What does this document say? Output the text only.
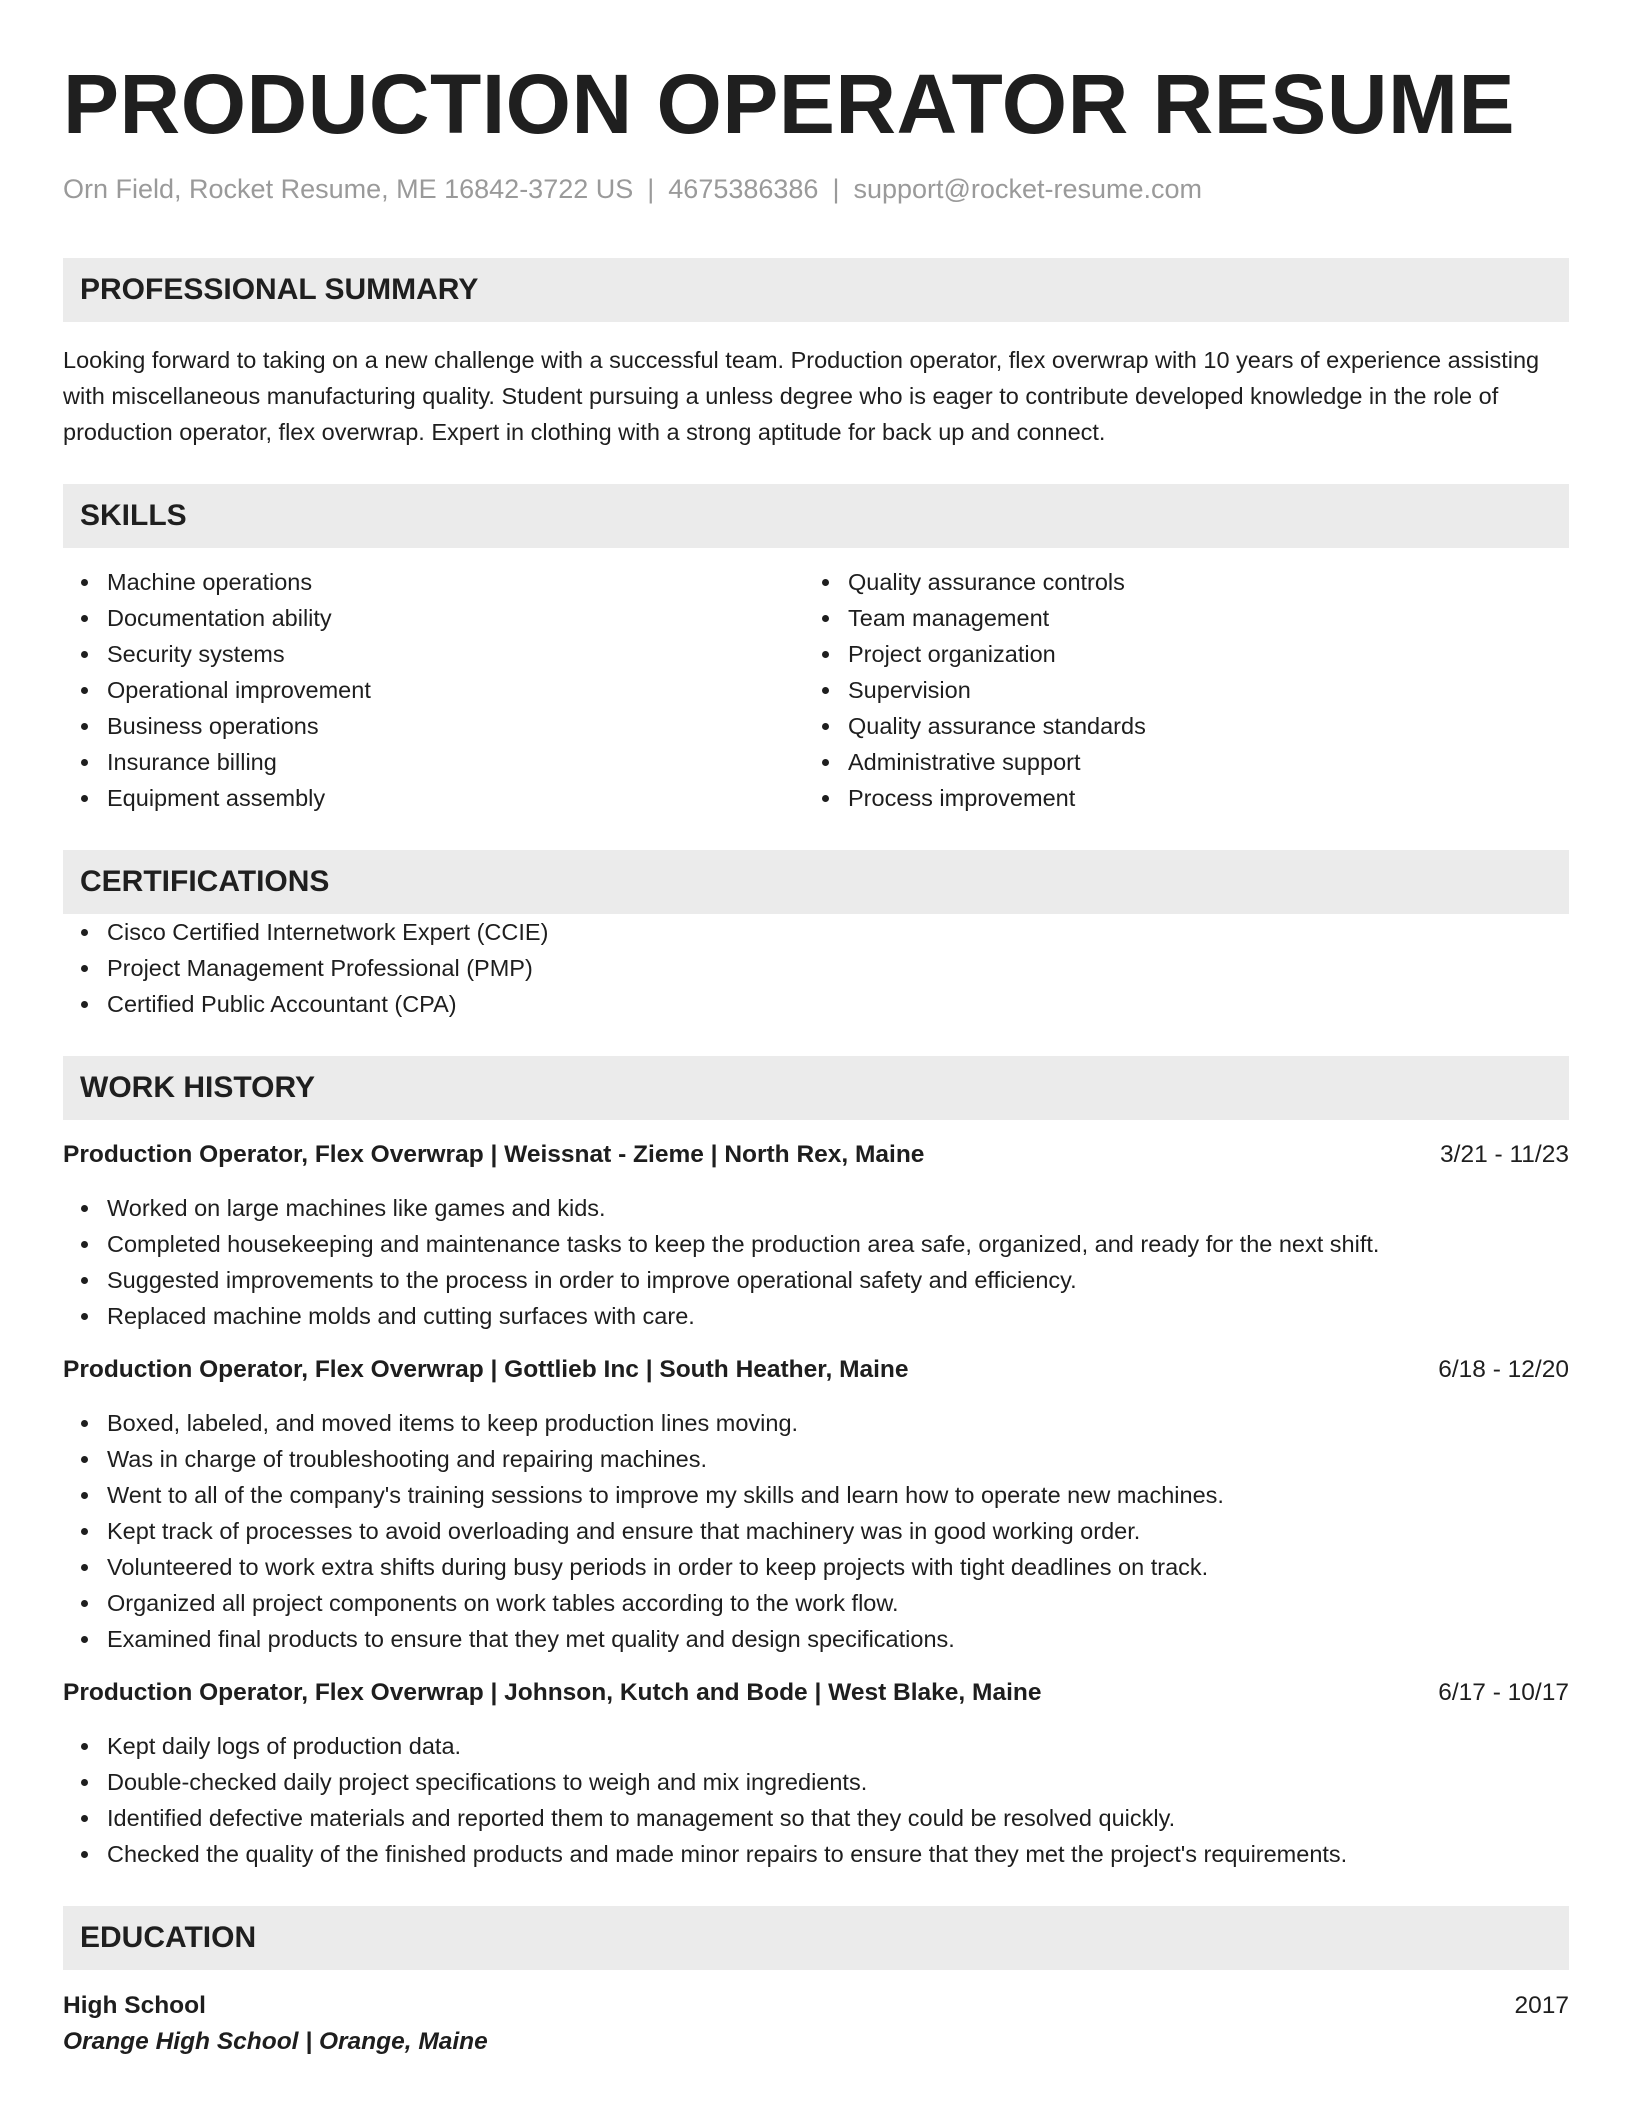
PRODUCTION OPERATOR RESUME
Orn Field, Rocket Resume, ME 16842-3722 US | 4675386386 | support@rocket-resume.com
PROFESSIONAL SUMMARY

Looking forward to taking on a new challenge with a successful team. Production operator, flex overwrap with 10 years of experience assisting with miscellaneous manufacturing quality. Student pursuing a unless degree who is eager to contribute developed knowledge in the role of production operator, flex overwrap. Expert in clothing with a strong aptitude for back up and connect.

SKILLS
Machine operations
Documentation ability
Security systems
Operational improvement
Business operations
Insurance billing
Equipment assembly
Quality assurance controls
Team management
Project organization
Supervision
Quality assurance standards
Administrative support
Process improvement
CERTIFICATIONS
Cisco Certified Internetwork Expert (CCIE)
Project Management Professional (PMP)
Certified Public Accountant (CPA)
WORK HISTORY
Production Operator, Flex Overwrap | Weissnat - Zieme | North Rex, Maine	3/21 - 11/23
Worked on large machines like games and kids.
Completed housekeeping and maintenance tasks to keep the production area safe, organized, and ready for the next shift.
Suggested improvements to the process in order to improve operational safety and efficiency.
Replaced machine molds and cutting surfaces with care.
Production Operator, Flex Overwrap | Gottlieb Inc | South Heather, Maine	6/18 - 12/20
Boxed, labeled, and moved items to keep production lines moving.
Was in charge of troubleshooting and repairing machines.
Went to all of the company's training sessions to improve my skills and learn how to operate new machines.
Kept track of processes to avoid overloading and ensure that machinery was in good working order.
Volunteered to work extra shifts during busy periods in order to keep projects with tight deadlines on track.
Organized all project components on work tables according to the work flow.
Examined final products to ensure that they met quality and design specifications.
Production Operator, Flex Overwrap | Johnson, Kutch and Bode | West Blake, Maine	6/17 - 10/17
Kept daily logs of production data.
Double-checked daily project specifications to weigh and mix ingredients.
Identified defective materials and reported them to management so that they could be resolved quickly.
Checked the quality of the finished products and made minor repairs to ensure that they met the project's requirements.
EDUCATION
High School	2017
Orange High School | Orange, Maine
